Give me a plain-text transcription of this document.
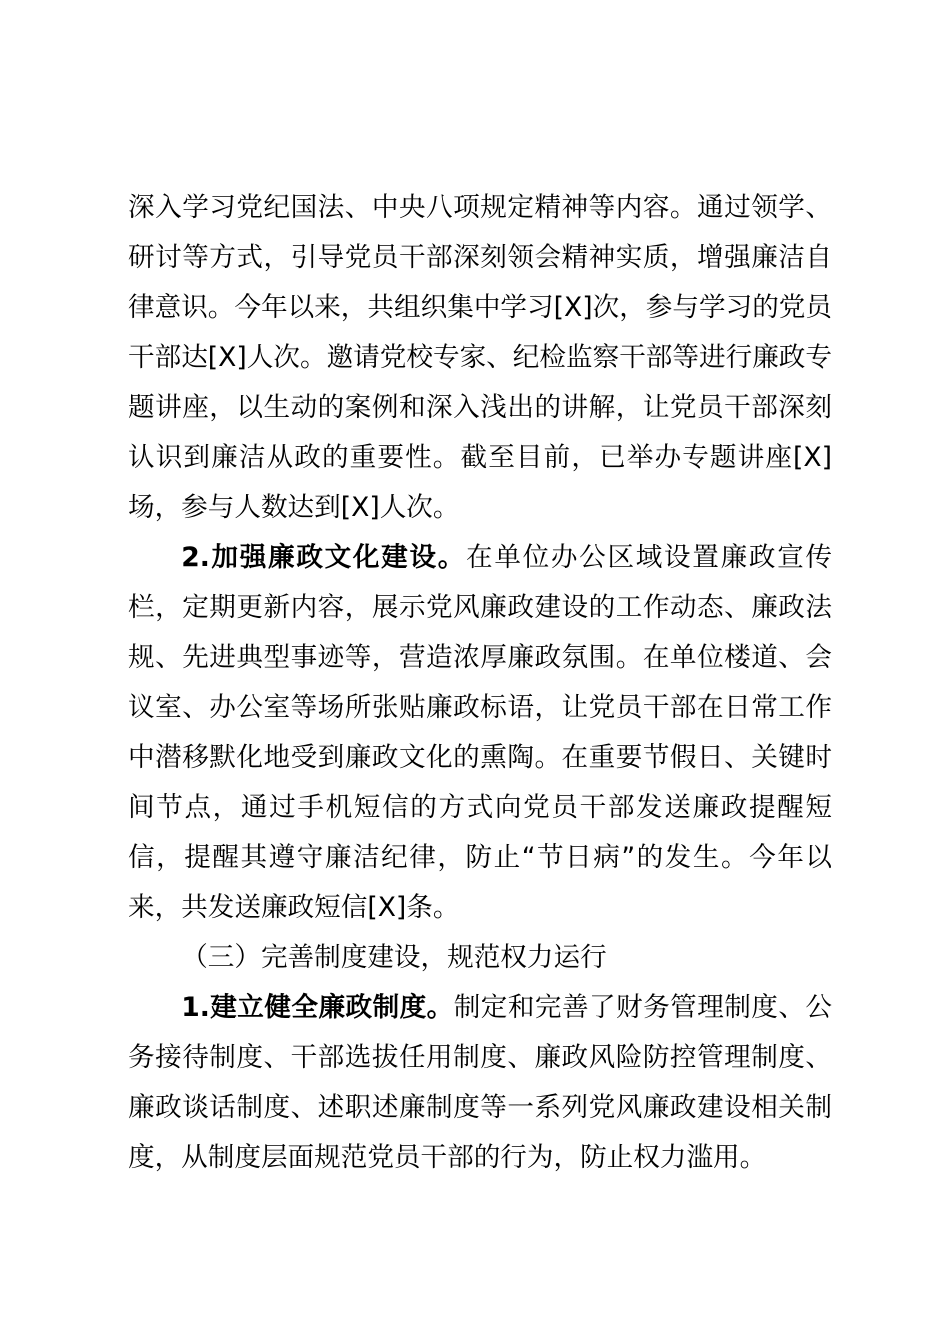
深入学习党纪国法、中央八项规定精神等内容。通过领学、研讨等方式，引导党员干部深刻领会精神实质，增强廉洁自律意识。今年以来，共组织集中学习[X]次，参与学习的党员干部达[X]人次。邀请党校专家、纪检监察干部等进行廉政专题讲座，以生动的案例和深入浅出的讲解，让党员干部深刻认识到廉洁从政的重要性。截至目前，已举办专题讲座[X]场，参与人数达到[X]人次。

2.加强廉政文化建设。在单位办公区域设置廉政宣传栏，定期更新内容，展示党风廉政建设的工作动态、廉政法规、先进典型事迹等，营造浓厚廉政氛围。在单位楼道、会议室、办公室等场所张贴廉政标语，让党员干部在日常工作中潜移默化地受到廉政文化的熏陶。在重要节假日、关键时间节点，通过手机短信的方式向党员干部发送廉政提醒短信，提醒其遵守廉洁纪律，防止“节日病”的发生。今年以来，共发送廉政短信[X]条。

（三）完善制度建设，规范权力运行

1.建立健全廉政制度。制定和完善了财务管理制度、公务接待制度、干部选拔任用制度、廉政风险防控管理制度、廉政谈话制度、述职述廉制度等一系列党风廉政建设相关制度，从制度层面规范党员干部的行为，防止权力滥用。
